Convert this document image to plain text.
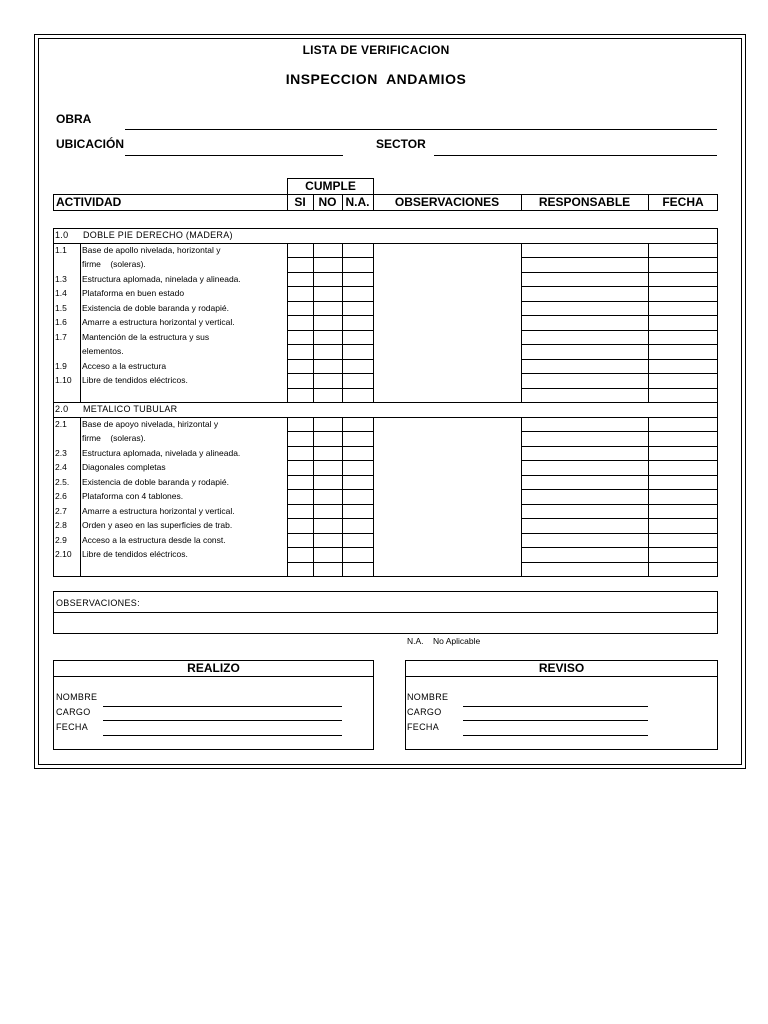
LISTA DE VERIFICACION
INSPECCION  ANDAMIOS
OBRA
UBICACIÓN	SECTOR
CUMPLE
ACTIVIDAD	SI	NO N.A.	OBSERVACIONES	RESPONSABLE	FECHA
1.0 DOBLE PIE DERECHO (MADERA)
1.1 Base de apollo nivelada, horizontal y
firme    (soleras).
1.3 Estructura aplomada, ninelada y alineada.
1.4 Plataforma en buen estado
1.5 Existencia de doble baranda y rodapié.
1.6 Amarre a estructura horizontal y vertical.
1.7 Mantención de la estructura y sus
elementos.
1.9 Acceso a la estructura
1.10 Libre de tendidos eléctricos.
2.0 METALICO TUBULAR
2.1 Base de apoyo nivelada, hirizontal y
firme    (soleras).
2.3 Estructura aplomada, nivelada y alineada.
2.4 Diagonales completas
2.5. Existencia de doble baranda y rodapié.
2.6 Plataforma con 4 tablones.
2.7 Amarre a estructura horizontal y vertical.
2.8 Orden y aseo en las superficies de trab.
2.9 Acceso a la estructura desde la const.
2.10 Libre de tendidos eléctricos.
OBSERVACIONES:
N.A.    No Aplicable
REALIZO
NOMBRE
CARGO
FECHA
REVISO
NOMBRE
CARGO
FECHA
